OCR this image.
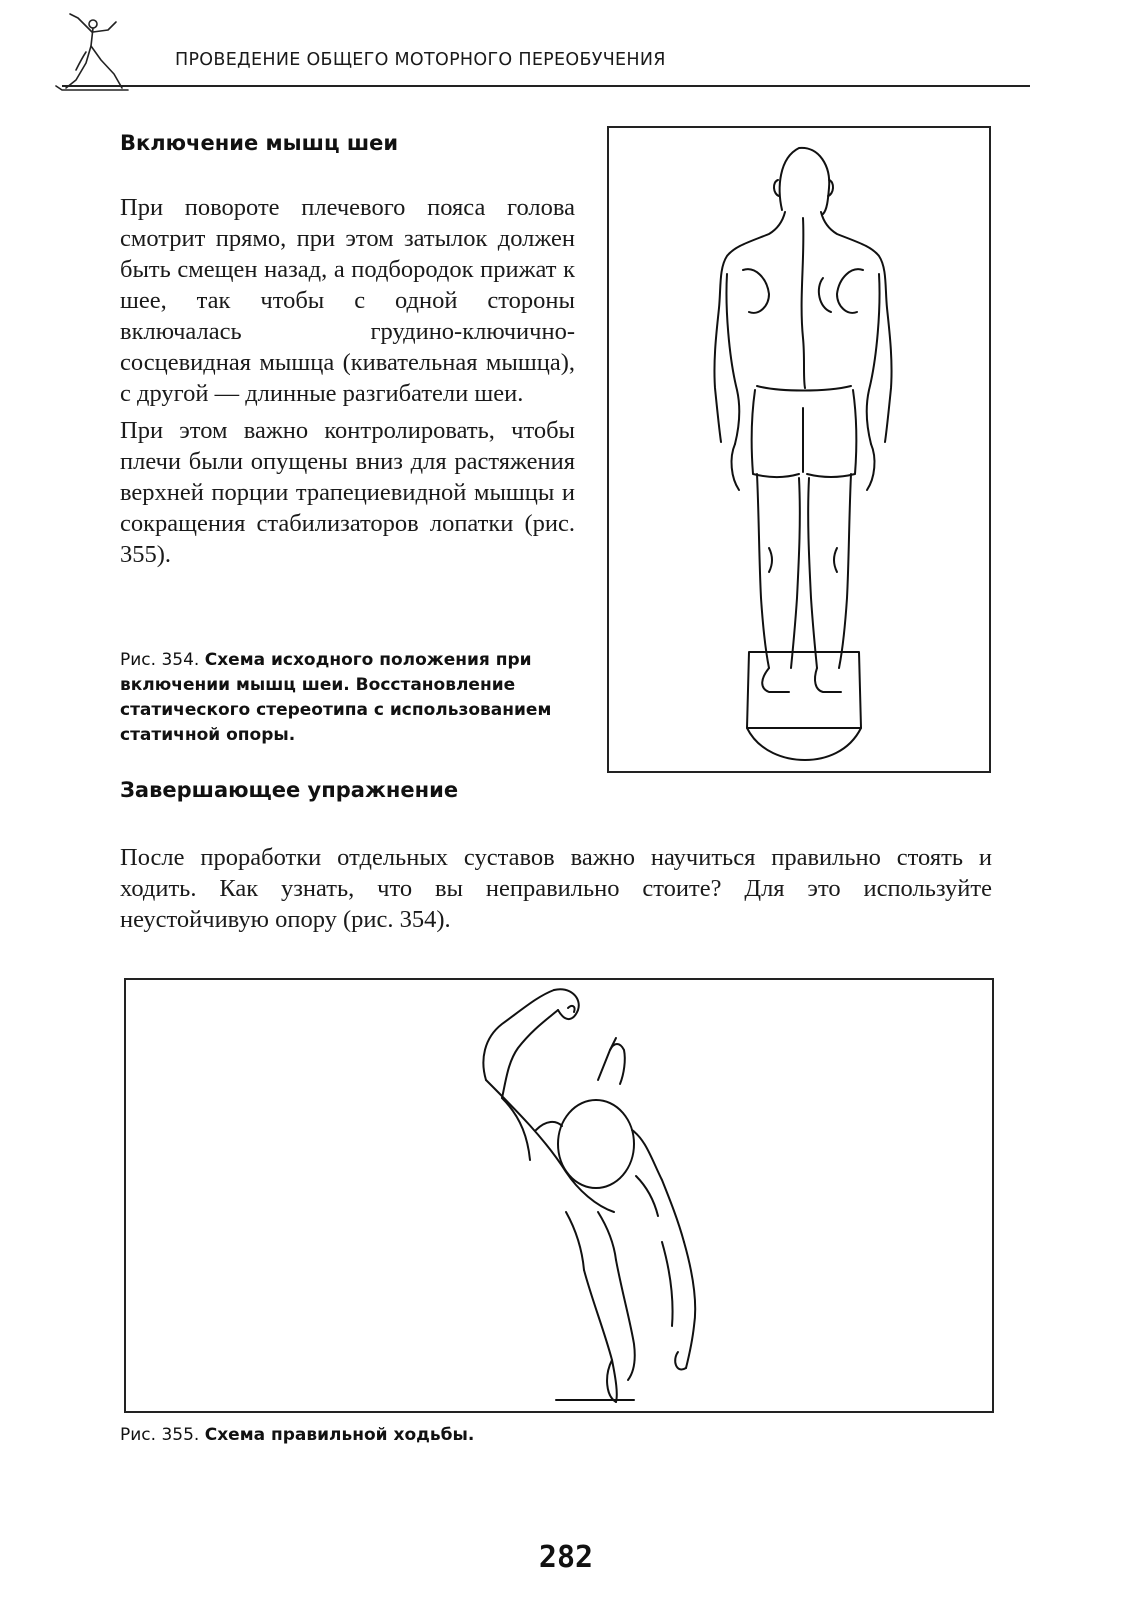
ПРОВЕДЕНИЕ ОБЩЕГО МОТОРНОГО ПЕРЕОБУЧЕНИЯ
Включение мышц шеи

При повороте плечевого пояса голова смотрит прямо, при этом затылок должен быть смещен назад, а подбородок прижат к шее, так чтобы с одной стороны включалась грудино-ключично-сосцевидная мышца (кивательная мышца), с другой — длинные разгибатели шеи.

При этом важно контролировать, чтобы плечи были опущены вниз для растяжения верхней порции трапециевидной мышцы и сокращения стабилизаторов лопатки (рис. 355).

Рис. 354. Схема исходного положения при включении мышц шеи. Восстановление статического стереотипа с использованием статичной опоры.
Завершающее упражнение

После проработки отдельных суставов важно научиться правильно стоять и ходить. Как узнать, что вы неправильно стоите? Для это используйте неустойчивую опору (рис. 354).

Рис. 355. Схема правильной ходьбы.
282
